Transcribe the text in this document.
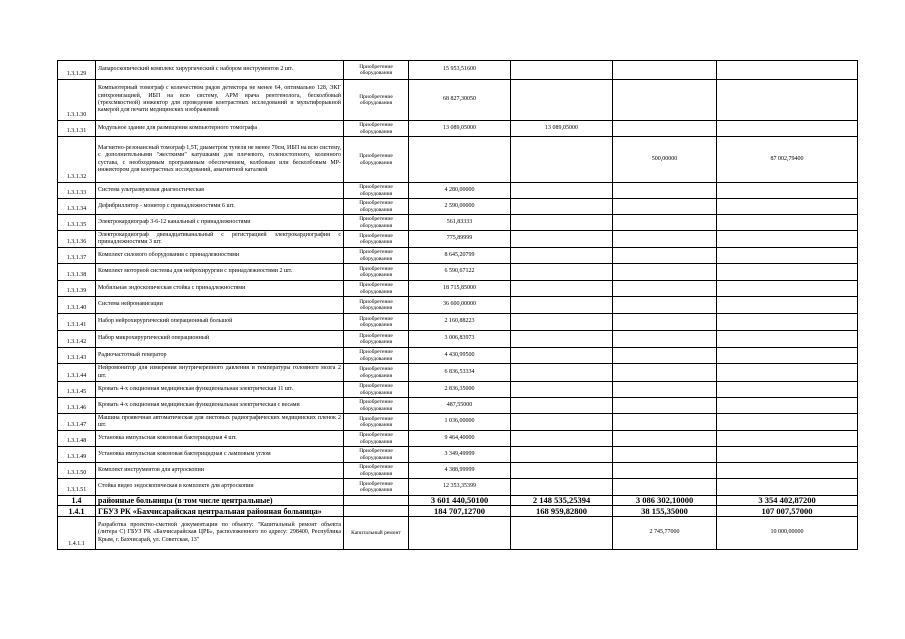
1.3.1.29	Лапароскопический комплекс хирургический с набором инструментов 2 шт.	Приобретение оборудования	15 953,51600			
1.3.1.30	Компьютерный томограф с количеством рядов детектора не менее 64, оптимально 128, ЭКГ синхронизацией, ИБП на всю систему, АРМ врача рентгенолога, бесколбовый (трехсмкостной) инжектор для проведения контрастных исследований и мультифорыкной камерой для печати медицинских изображений	Приобретение оборудования	68 827,30050			
1.3.1.31	Модульное здание для размещения компьютерного томографа	Приобретение оборудования	13 089,05000	13 089,05000		
1.3.1.32	Магнитно-резонансный томограф 1,5Т, диаметром тунеля не менее 70см, ИБП на всю систему, с дополнительными "жесткими" катушками для плечевого, голеностопного, коленного сустава, с необходимым программным обеспечением, колбовым или бесколбовым МР-инжектором для контрастных исследований, амагнитной каталкой	Приобретение оборудования			500,00000	87 002,79400
1.3.1.33	Система ультразвуковая диагностическая	Приобретение оборудования	4 280,00000			
1.3.1.34	Дефибриллятор - монитор с принадлежностями 6 шт.	Приобретение оборудования	2 590,00000			
1.3.1.35	Электрокардиограф 3-6-12 канальный с принадлежностями	Приобретение оборудования	561,83333			
1.3.1.36	Электрокардиограф двенадцатиканальный с регистрацией электрокардиографии с принадлежностями 3 шт.	Приобретение оборудования	775,89999			
1.3.1.37	Комплект силового оборудования с принадлежностями	Приобретение оборудования	8 645,20799			
1.3.1.38	Комплект моторной системы для нейрохирургии с принадлежностями 2 шт.	Приобретение оборудования	6 590,67122			
1.3.1.39	Мобильная эндоскопическая стойка с принадлежностями	Приобретение оборудования	18 715,85000			
1.3.1.40	Система нейронавигации	Приобретение оборудования	36 600,00000			
1.3.1.41	Набор нейрохирургический операционный большой	Приобретение оборудования	2 160,88223			
1.3.1.42	Набор микрохирургический операционный	Приобретение оборудования	3 006,83973			
1.3.1.43	Радиочастотный генератор	Приобретение оборудования	4 430,99500			
1.3.1.44	Нейромонитор для измерения внутричерепного давления и температуры головного мозга 2 шт.	Приобретение оборудования	6 836,53334			
1.3.1.45	Кровать 4-х секционная медицинская функциональная электрическая 11 шт.	Приобретение оборудования	2 836,35000			
1.3.1.46	Кровать 4-х секционная медицинская функциональная электрическая с весами	Приобретение оборудования	487,55000			
1.3.1.47	Машина проявочная автоматическая для листовых радиографических медицинских пленок 2 шт.	Приобретение оборудования	1 036,00000			
1.3.1.48	Установка импульсная коконовая бактерицидная 4 шт.	Приобретение оборудования	9 464,40000			
1.3.1.49	Установка импульсная коконовая бактерицидная с ламповым углом	Приобретение оборудования	3 349,49999			
1.3.1.50	Комплект инструментов для артроскопии	Приобретение оборудования	4 388,99999			
1.3.1.51	Стойка видео эндоскопическая в комплекте для артроскопии	Приобретение оборудования	12 353,35399			
1.4	районные больницы (в том числе центральные)		3 601 440,50100	2 148 535,25394	3 086 302,10000	3 354 402,87200
1.4.1	ГБУЗ РК «Бахчисарайская центральная районная больница»		184 707,12700	168 959,82800	38 155,35000	107 007,57000
1.4.1.1	Разработка проектно-сметной документации по объекту: "Капитальный ремонт объекта (литера С) ГБУЗ РК «Бахчисарайская ЦРБ», расположенного по адресу: 298400, Республика Крым, г. Бахчисарай, ул. Советская, 13"	Капитальный ремонт			2 745,77000	10 000,00000
